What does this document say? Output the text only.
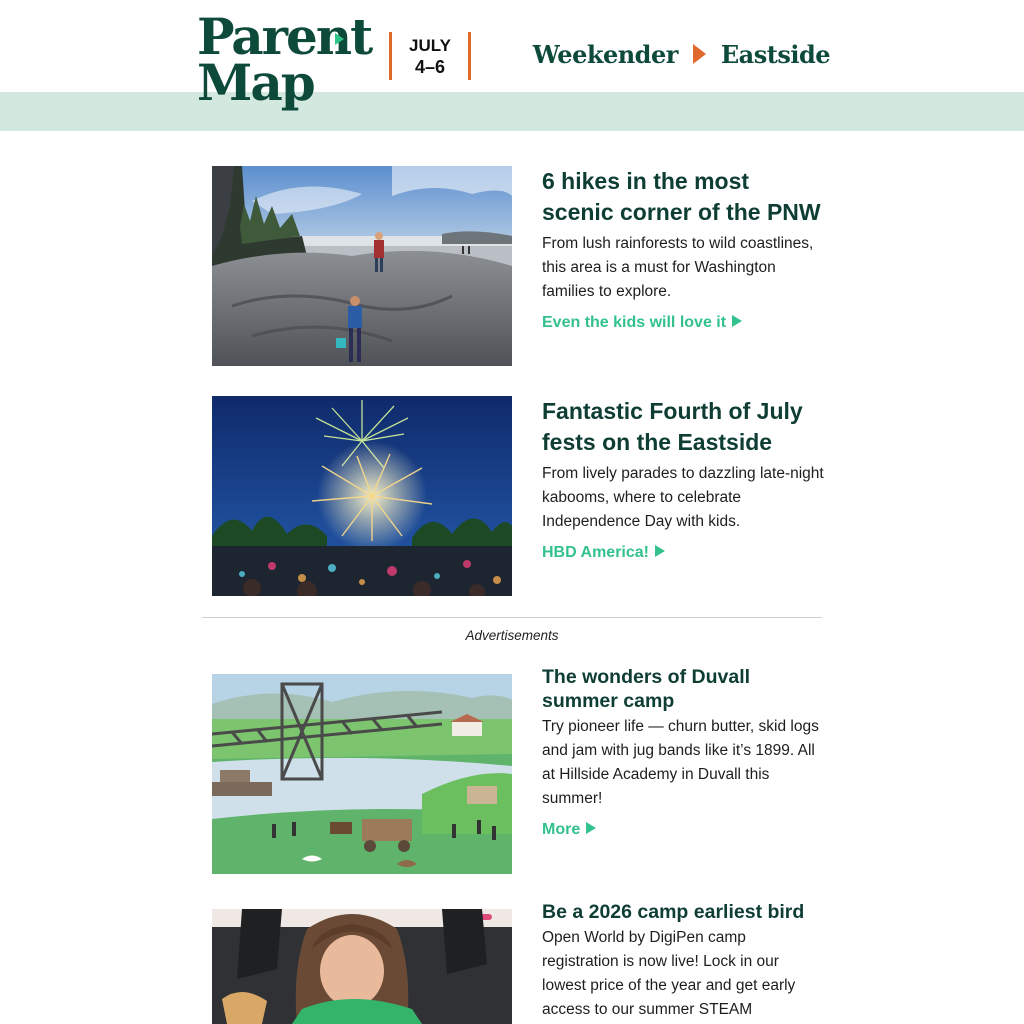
Parent
Map
JULY
4–6	Weekender Eastside
6 hikes in the most scenic corner of the PNW
From lush rainforests to wild coastlines, this area is a must for Washington families to explore.
Even the kids will love it
Fantastic Fourth of July fests on the Eastside
From lively parades to dazzling late-night kabooms, where to celebrate Independence Day with kids.
HBD America!
Advertisements
The wonders of Duvall summer camp
Try pioneer life — churn butter, skid logs and jam with jug bands like it’s 1899. All at Hillside Academy in Duvall this summer!
More
Be a 2026 camp earliest bird
Open World by DigiPen camp registration is now live! Lock in our lowest price of the year and get early access to our summer STEAM
